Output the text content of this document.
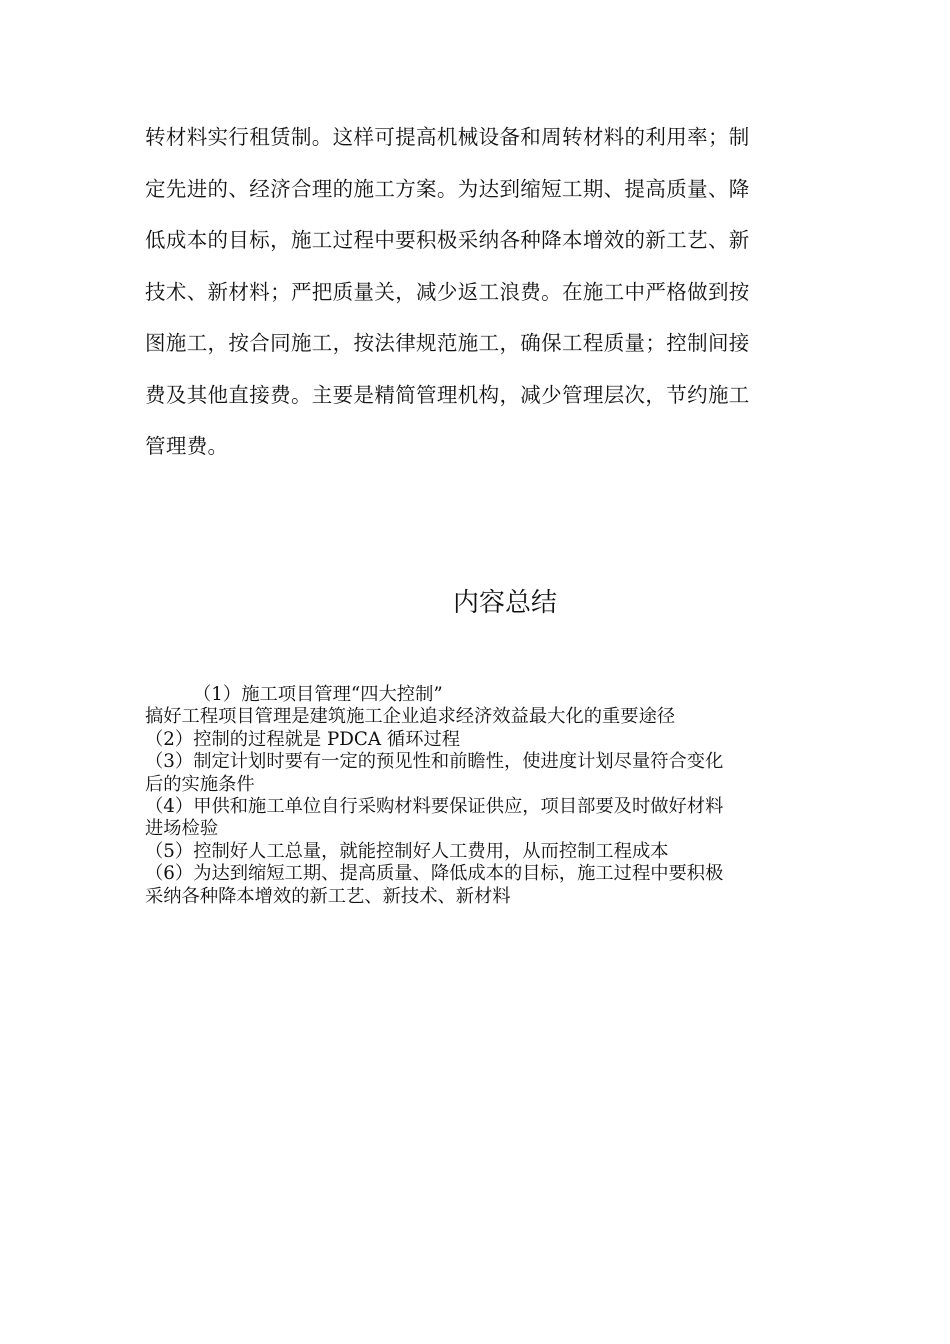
转材料实行租赁制。这样可提高机械设备和周转材料的利用率；制
定先进的、经济合理的施工方案。为达到缩短工期、提高质量、降
低成本的目标，施工过程中要积极采纳各种降本增效的新工艺、新
技术、新材料；严把质量关，减少返工浪费。在施工中严格做到按
图施工，按合同施工，按法律规范施工，确保工程质量；控制间接
费及其他直接费。主要是精简管理机构，减少管理层次，节约施工
管理费。
内容总结
（1）施工项目管理“四大控制”
搞好工程项目管理是建筑施工企业追求经济效益最大化的重要途径
（2）控制的过程就是 PDCA 循环过程
（3）制定计划时要有一定的预见性和前瞻性，使进度计划尽量符合变化
后的实施条件
（4）甲供和施工单位自行采购材料要保证供应，项目部要及时做好材料
进场检验
（5）控制好人工总量，就能控制好人工费用，从而控制工程成本
（6）为达到缩短工期、提高质量、降低成本的目标，施工过程中要积极
采纳各种降本增效的新工艺、新技术、新材料
